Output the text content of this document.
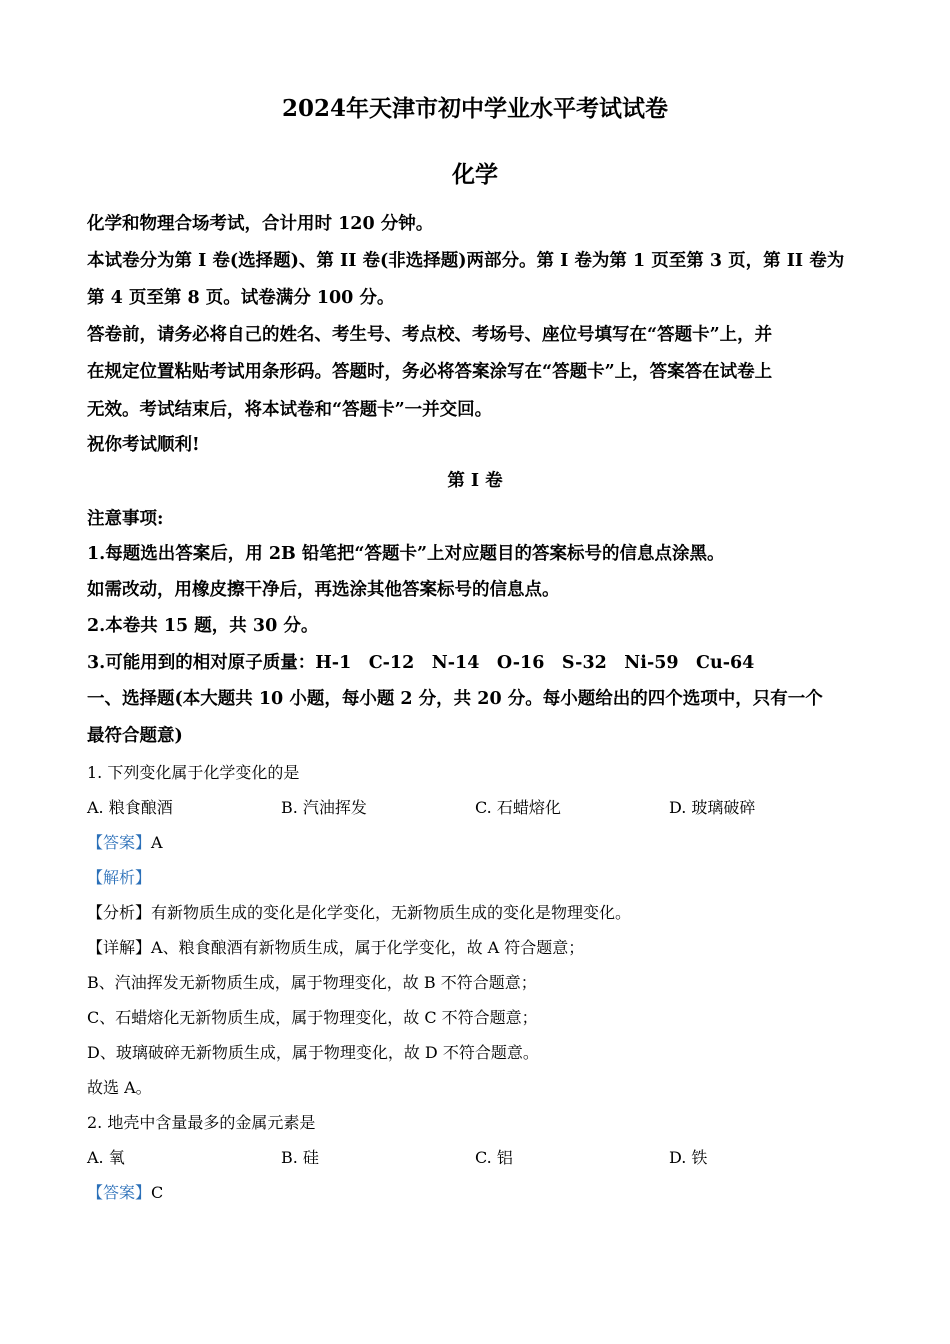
2024年天津市初中学业水平考试试卷
化学
化学和物理合场考试，合计用时 120 分钟。
本试卷分为第 I 卷(选择题)、第 II 卷(非选择题)两部分。第 I 卷为第 1 页至第 3 页，第 II 卷为
第 4 页至第 8 页。试卷满分 100 分。
答卷前，请务必将自己的姓名、考生号、考点校、考场号、座位号填写在“答题卡”上，并
在规定位置粘贴考试用条形码。答题时，务必将答案涂写在“答题卡”上，答案答在试卷上
无效。考试结束后，将本试卷和“答题卡”一并交回。
祝你考试顺利!
第 I 卷
注意事项:
1.每题选出答案后，用 2B 铅笔把“答题卡”上对应题目的答案标号的信息点涂黑。
如需改动，用橡皮擦干净后，再选涂其他答案标号的信息点。
2.本卷共 15 题，共 30 分。
3.可能用到的相对原子质量：H-1　C-12　N-14　O-16　S-32　Ni-59　Cu-64
一、选择题(本大题共 10 小题，每小题 2 分，共 20 分。每小题给出的四个选项中，只有一个
最符合题意)
1. 下列变化属于化学变化的是
A. 粮食酿酒	B. 汽油挥发	C. 石蜡熔化	D. 玻璃破碎
【答案】A
【解析】
【分析】有新物质生成的变化是化学变化，无新物质生成的变化是物理变化。
【详解】A、粮食酿酒有新物质生成，属于化学变化，故 A 符合题意；
B、汽油挥发无新物质生成，属于物理变化，故 B 不符合题意；
C、石蜡熔化无新物质生成，属于物理变化，故 C 不符合题意；
D、玻璃破碎无新物质生成，属于物理变化，故 D 不符合题意。
故选 A。
2. 地壳中含量最多的金属元素是
A. 氧	B. 硅	C. 铝	D. 铁
【答案】C
